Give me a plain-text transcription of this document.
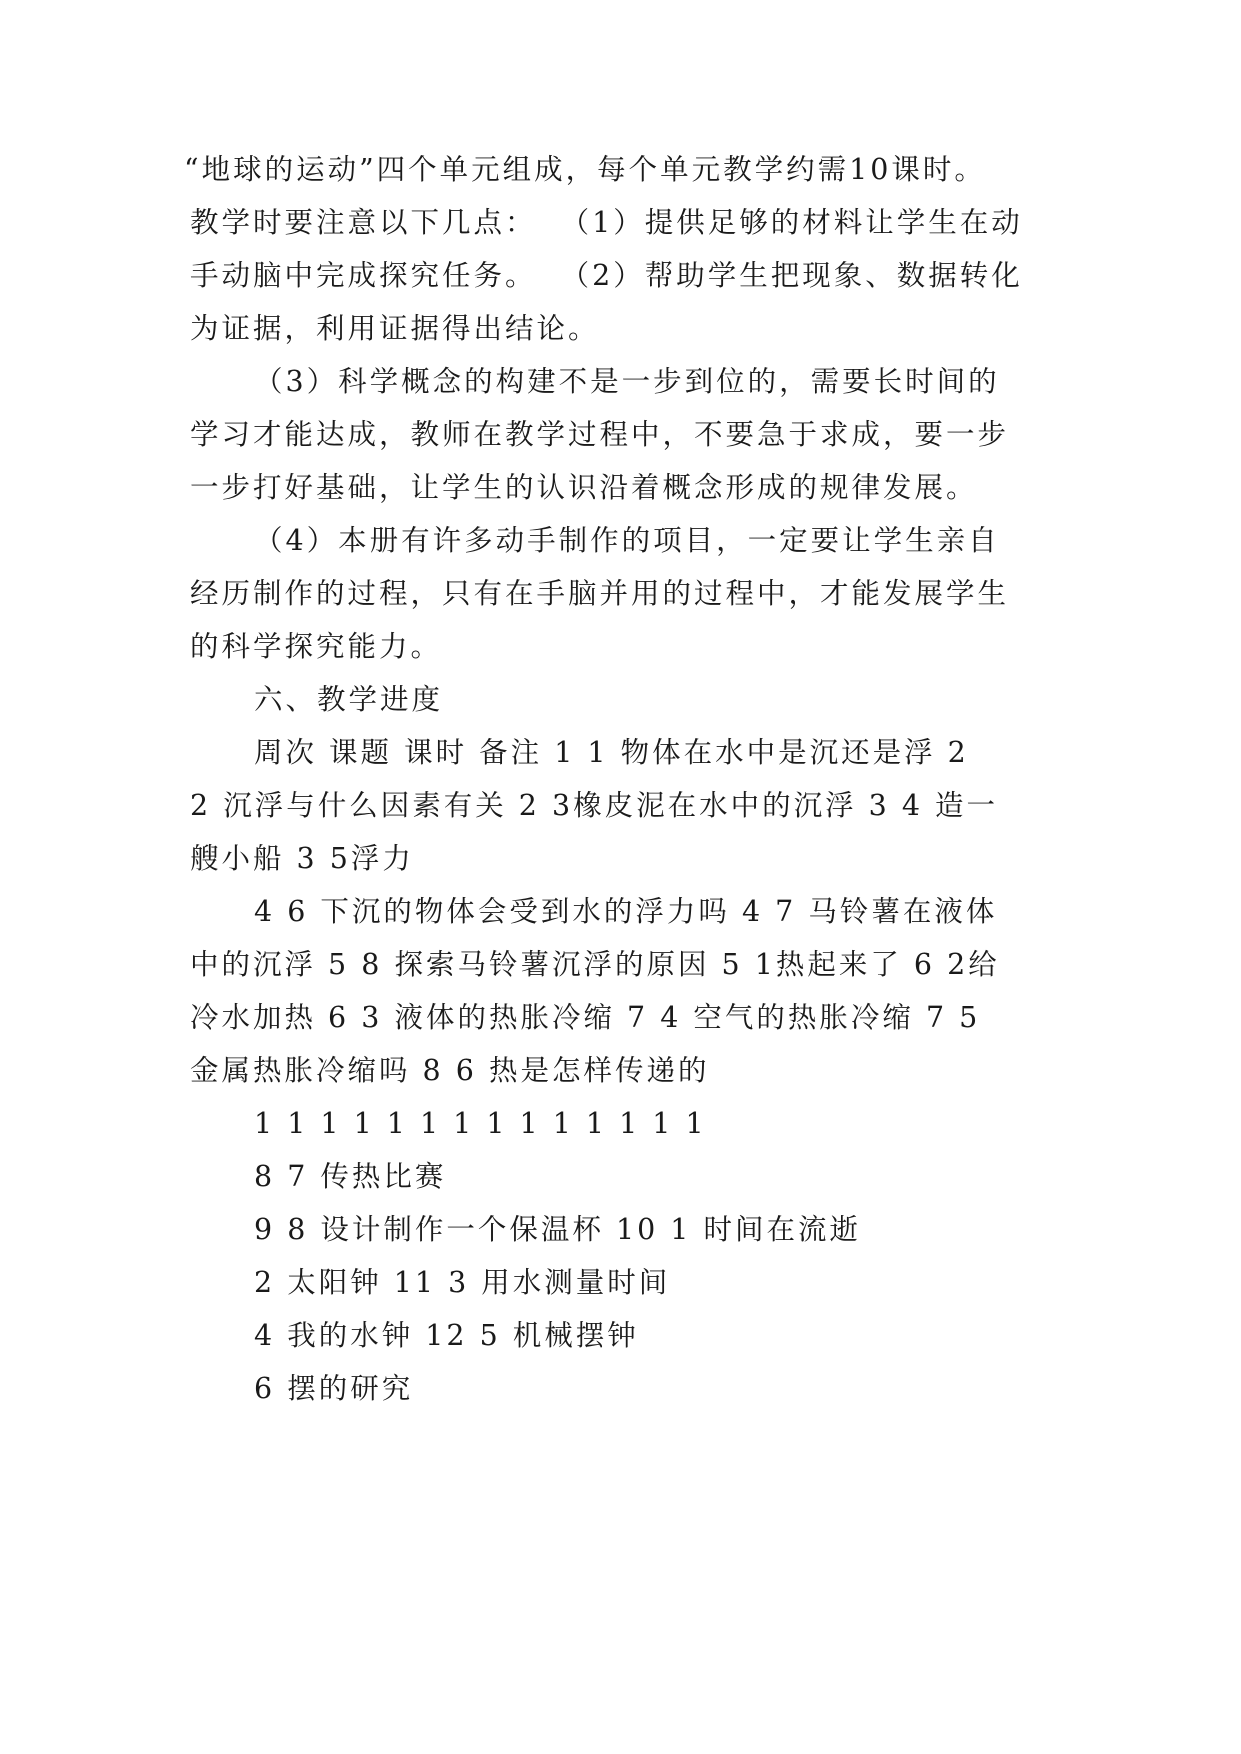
“地球的运动”四个单元组成，每个单元教学约需10课时。
教学时要注意以下几点：  （1）提供足够的材料让学生在动
手动脑中完成探究任务。  （2）帮助学生把现象、数据转化
为证据，利用证据得出结论。
（3）科学概念的构建不是一步到位的，需要长时间的
学习才能达成，教师在教学过程中，不要急于求成，要一步
一步打好基础，让学生的认识沿着概念形成的规律发展。
（4）本册有许多动手制作的项目，一定要让学生亲自
经历制作的过程，只有在手脑并用的过程中，才能发展学生
的科学探究能力。
六、教学进度
周次 课题 课时 备注 1 1 物体在水中是沉还是浮 2
2 沉浮与什么因素有关 2 3橡皮泥在水中的沉浮 3 4 造一
艘小船 3 5浮力
4 6 下沉的物体会受到水的浮力吗 4 7 马铃薯在液体
中的沉浮 5 8 探索马铃薯沉浮的原因 5 1热起来了 6 2给
冷水加热 6 3 液体的热胀冷缩 7 4 空气的热胀冷缩 7 5
金属热胀冷缩吗 8 6 热是怎样传递的
1 1 1 1 1 1 1 1 1 1 1 1 1 1
8 7 传热比赛
9 8 设计制作一个保温杯 10 1 时间在流逝
2 太阳钟 11 3 用水测量时间
4 我的水钟 12 5 机械摆钟
6 摆的研究
